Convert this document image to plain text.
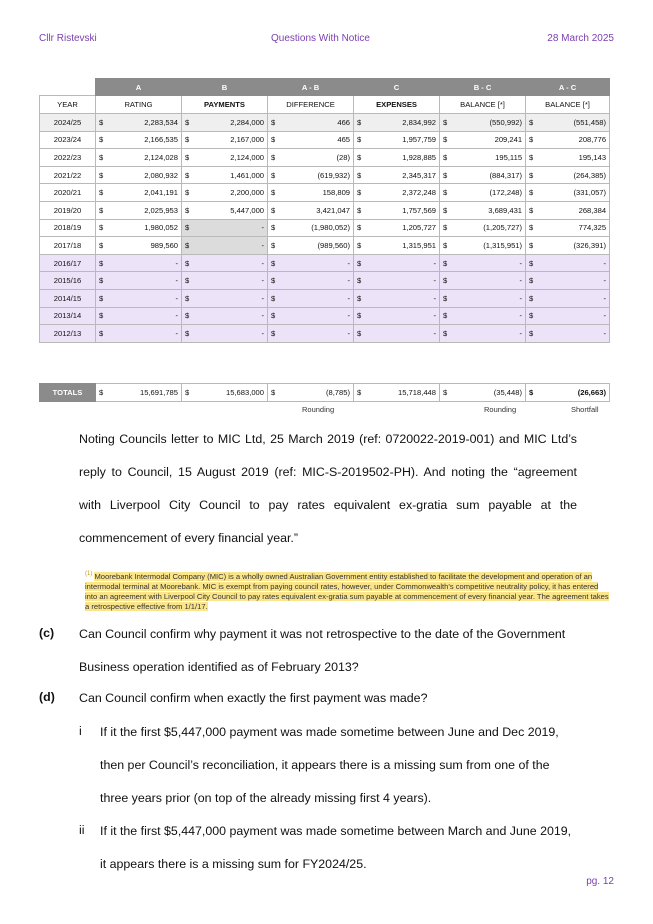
Cllr Ristevski	Questions With Notice	28 March 2025
	A		B		A - B		C		B - C		A - C	
YEAR	RATING		PAYMENTS		DIFFERENCE		EXPENSES		BALANCE [*]		BALANCE [*]	
2024/25	$	2,283,534	$	2,284,000	$	466	$	2,834,992	$	(550,992)	$	(551,458)
2023/24	$	2,166,535	$	2,167,000	$	465	$	1,957,759	$	209,241	$	208,776
2022/23	$	2,124,028	$	2,124,000	$	(28)	$	1,928,885	$	195,115	$	195,143
2021/22	$	2,080,932	$	1,461,000	$	(619,932)	$	2,345,317	$	(884,317)	$	(264,385)
2020/21	$	2,041,191	$	2,200,000	$	158,809	$	2,372,248	$	(172,248)	$	(331,057)
2019/20	$	2,025,953	$	5,447,000	$	3,421,047	$	1,757,569	$	3,689,431	$	268,384
2018/19	$	1,980,052	$	-	$	(1,980,052)	$	1,205,727	$	(1,205,727)	$	774,325
2017/18	$	989,560	$	-	$	(989,560)	$	1,315,951	$	(1,315,951)	$	(326,391)
2016/17	$	-	$	-	$	-	$	-	$	-	$	-
2015/16	$	-	$	-	$	-	$	-	$	-	$	-
2014/15	$	-	$	-	$	-	$	-	$	-	$	-
2013/14	$	-	$	-	$	-	$	-	$	-	$	-
2012/13	$	-	$	-	$	-	$	-	$	-	$	-
TOTALS	$	15,691,785	$	15,683,000	$	(8,785)	$	15,718,448	$	(35,448)	$	(26,663)
Rounding	Rounding	Shortfall
Noting Councils letter to MIC Ltd, 25 March 2019 (ref: 0720022-2019-001) and MIC Ltd’s
reply to Council, 15 August 2019 (ref: MIC-S-2019502-PH). And noting the “agreement
with Liverpool City Council to pay rates equivalent ex-gratia sum payable at the
commencement of every financial year.”
$^{(1)}$ Moorebank Intermodal Company (MIC) is a wholly owned Australian Government entity established to facilitate the development and operation of an intermodal terminal at Moorebank. MIC is exempt from paying council rates, however, under Commonwealth's competitive neutrality policy, it has entered into an agreement with Liverpool City Council to pay rates equivalent ex-gratia sum payable at commencement of every financial year. The agreement takes a retrospective effective from 1/1/17.
(c) Can Council confirm why payment it was not retrospective to the date of the Government
Business operation identified as of February 2013?
(d) Can Council confirm when exactly the first payment was made?
i If it the first $5,447,000 payment was made sometime between June and Dec 2019,
then per Council’s reconciliation, it appears there is a missing sum from one of the
three years prior (on top of the already missing first 4 years).
ii If it the first $5,447,000 payment was made sometime between March and June 2019,
it appears there is a missing sum for FY2024/25.
pg. 12
